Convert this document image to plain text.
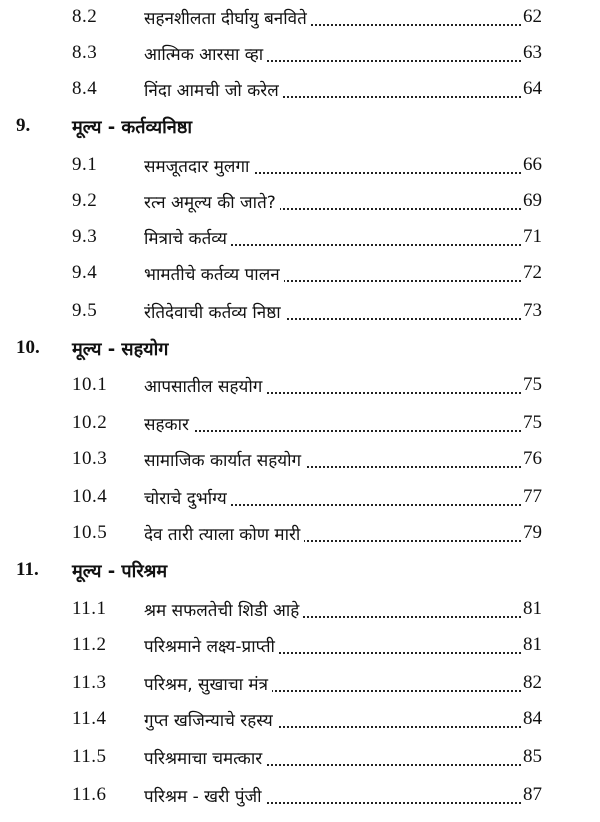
8.2	सहनशीलता दीर्घायु बनविते	62
8.3	आत्मिक आरसा व्हा	63
8.4	निंदा आमची जो करेल	64
9. मूल्य - कर्तव्यनिष्ठा
9.1	समजूतदार मुलगा	66
9.2	रत्न अमूल्य की जाते?	69
9.3	मित्राचे कर्तव्य	71
9.4	भामतीचे कर्तव्य पालन	72
9.5	रंतिदेवाची कर्तव्य निष्ठा	73
10. मूल्य - सहयोग
10.1 आपसातील सहयोग	75
10.2 सहकार	75
10.3 सामाजिक कार्यात सहयोग	76
10.4 चोराचे दुर्भाग्य	77
10.5 देव तारी त्याला कोण मारी	79
11. मूल्य - परिश्रम
11.1 श्रम सफलतेची शिडी आहे	81
11.2 परिश्रमाने लक्ष्य-प्राप्ती	81
11.3 परिश्रम, सुखाचा मंत्र	82
11.4 गुप्त खजिन्याचे रहस्य	84
11.5 परिश्रमाचा चमत्कार	85
11.6 परिश्रम - खरी पुंजी	87
